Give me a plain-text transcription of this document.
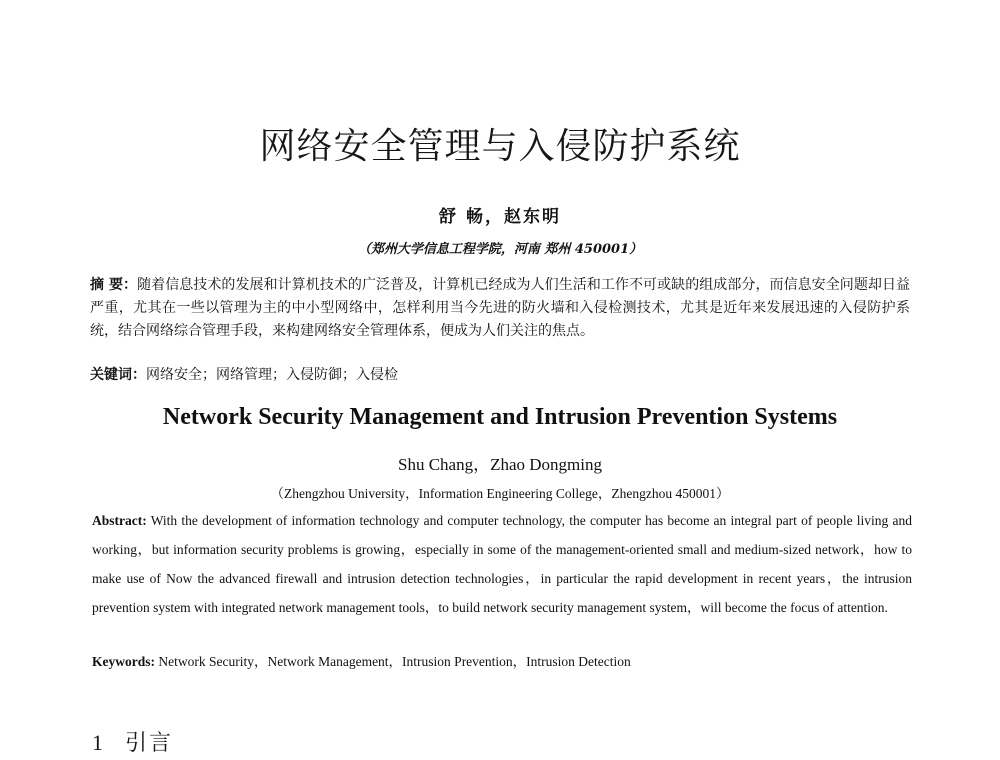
网络安全管理与入侵防护系统
舒 畅，赵东明
（郑州大学信息工程学院，河南 郑州 450001）
摘 要：随着信息技术的发展和计算机技术的广泛普及，计算机已经成为人们生活和工作不可或缺的组成部分，而信息安全问题却日益严重，尤其在一些以管理为主的中小型网络中，怎样利用当今先进的防火墙和入侵检测技术，尤其是近年来发展迅速的入侵防护系统，结合网络综合管理手段，来构建网络安全管理体系，便成为人们关注的焦点。
关键词：网络安全；网络管理；入侵防御；入侵检
Network Security Management and Intrusion Prevention Systems
Shu Chang，Zhao Dongming
（Zhengzhou University，Information Engineering College，Zhengzhou 450001）
Abstract: With the development of information technology and computer technology, the computer has become an integral part of people living and working，but information security problems is growing，especially in some of the management-oriented small and medium-sized network，how to make use of Now the advanced firewall and intrusion detection technologies，in particular the rapid development in recent years，the intrusion prevention system with integrated network management tools，to build network security management system，will become the focus of attention.
Keywords: Network Security，Network Management，Intrusion Prevention，Intrusion Detection
1 引言
